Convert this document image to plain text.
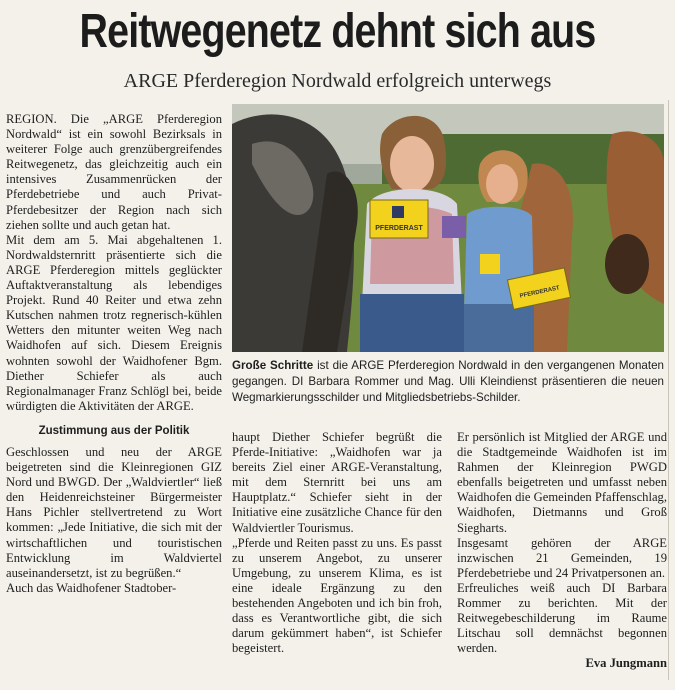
Reitwegenetz dehnt sich aus
ARGE Pferderegion Nordwald erfolgreich unterwegs

REGION. Die „ARGE Pferderegion Nordwald“ ist ein sowohl Bezirksals in weiterer Folge auch grenzübergreifendes Reitwegenetz, das gleichzeitig auch ein intensives Zusammenrücken der Pferdebetriebe und auch Privat-Pferdebesitzer der Region nach sich ziehen sollte und auch getan hat.

Mit dem am 5. Mai abgehaltenen 1. Nordwaldsternritt präsentierte sich die ARGE Pferderegion mittels geglückter Auftaktveranstaltung als lebendiges Projekt. Rund 40 Reiter und etwa zehn Kutschen nahmen trotz regnerisch-kühlen Wetters den mitunter weiten Weg nach Waidhofen auf sich. Diesem Ereignis wohnten sowohl der Waidhofener Bgm. Diether Schiefer als auch Regionalmanager Franz Schlögl bei, beide würdigten die Aktivitäten der ARGE.

Zustimmung aus der Politik

Geschlossen und neu der ARGE beigetreten sind die Kleinregionen GIZ Nord und BWGD. Der „Waldviertler“ ließ den Heidenreichsteiner Bürgermeister Hans Pichler stellvertretend zu Wort kommen: „Jede Initiative, die sich mit der wirtschaftlichen und touristischen Entwicklung im Waldviertel auseinandersetzt, ist zu begrüßen.“

Auch das Waidhofener Stadtober-

PFERDERAST
PFERDERAST
Große Schritte ist die ARGE Pferderegion Nordwald in den vergangenen Monaten gegangen. DI Barbara Rommer und Mag. Ulli Kleindienst präsentieren die neuen Wegmarkierungsschilder und Mitgliedsbetriebs-Schilder.

haupt Diether Schiefer begrüßt die Pferde-Initiative: „Waidhofen war ja bereits Ziel einer ARGE-Veranstaltung, mit dem Sternritt bei uns am Hauptplatz.“ Schiefer sieht in der Initiative eine zusätzliche Chance für den Waldviertler Tourismus.

„Pferde und Reiten passt zu uns. Es passt zu unserem Angebot, zu unserer Umgebung, zu unserem Klima, es ist eine ideale Ergänzung zu den bestehenden Angeboten und ich bin froh, dass es Verantwortliche gibt, die sich darum gekümmert haben“, ist Schiefer begeistert.

Er persönlich ist Mitglied der ARGE und die Stadtgemeinde Waidhofen ist im Rahmen der Kleinregion PWGD ebenfalls beigetreten und umfasst neben Waidhofen die Gemeinden Pfaffenschlag, Waidhofen, Dietmanns und Groß Siegharts.

Insgesamt gehören der ARGE inzwischen 21 Gemeinden, 19 Pferdebetriebe und 24 Privatpersonen an.

Erfreuliches weiß auch DI Barbara Rommer zu berichten. Mit der Reitwegebeschilderung im Raume Litschau soll demnächst begonnen werden.

Eva Jungmann
